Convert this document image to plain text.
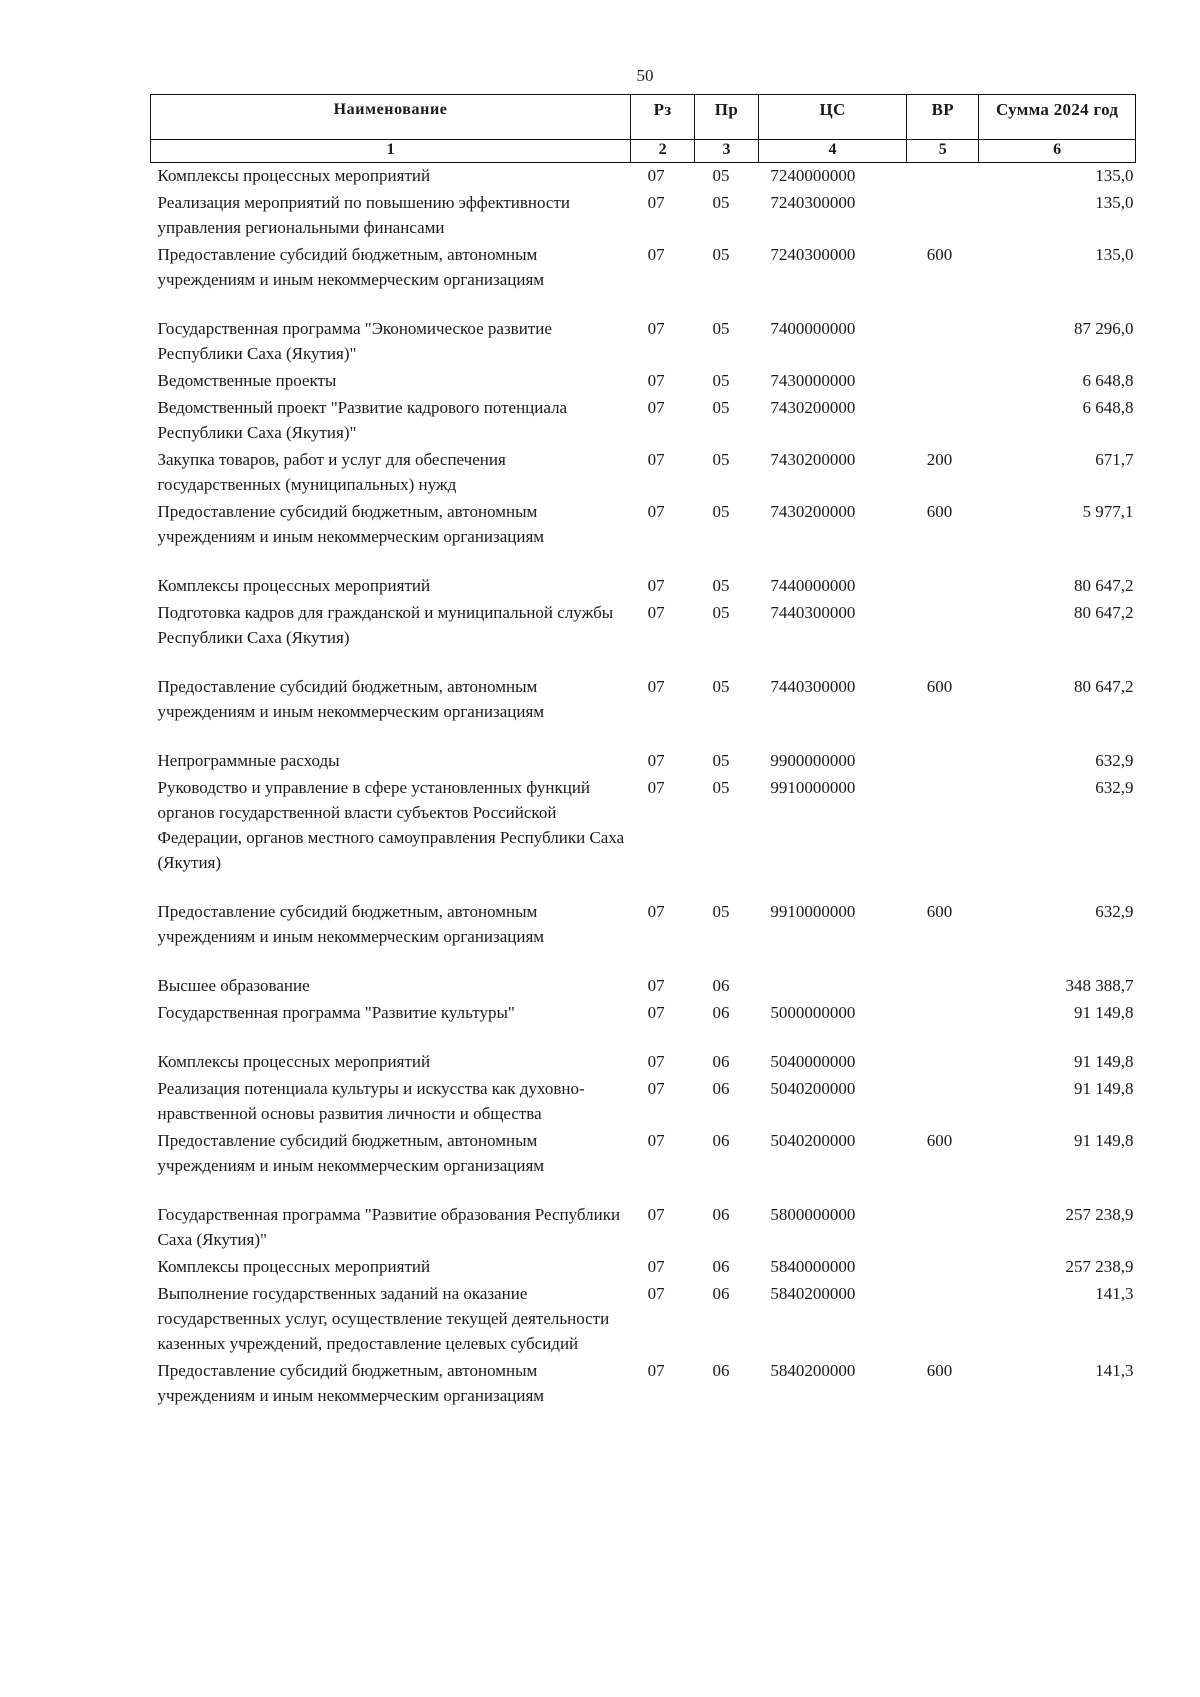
50
Наименование	Рз	Пр	ЦС	ВР	Сумма 2024 год
1	2	3	4	5	6
Комплексы процессных мероприятий	07	05	7240000000		135,0
Реализация мероприятий по повышению эффективности управления региональными финансами	07	05	7240300000		135,0
Предоставление субсидий бюджетным, автономным учреждениям и иным некоммерческим организациям	07	05	7240300000	600	135,0
Государственная программа "Экономическое развитие Республики Саха (Якутия)"	07	05	7400000000		87 296,0
Ведомственные проекты	07	05	7430000000		6 648,8
Ведомственный проект "Развитие кадрового потенциала Республики Саха (Якутия)"	07	05	7430200000		6 648,8
Закупка товаров, работ и услуг для обеспечения государственных (муниципальных) нужд	07	05	7430200000	200	671,7
Предоставление субсидий бюджетным, автономным учреждениям и иным некоммерческим организациям	07	05	7430200000	600	5 977,1
Комплексы процессных мероприятий	07	05	7440000000		80 647,2
Подготовка кадров для гражданской и муниципальной службы Республики Саха (Якутия)	07	05	7440300000		80 647,2
Предоставление субсидий бюджетным, автономным учреждениям и иным некоммерческим организациям	07	05	7440300000	600	80 647,2
Непрограммные расходы	07	05	9900000000		632,9
Руководство и управление в сфере установленных функций органов государственной власти субъектов Российской Федерации, органов местного самоуправления Республики Саха (Якутия)	07	05	9910000000		632,9
Предоставление субсидий бюджетным, автономным учреждениям и иным некоммерческим организациям	07	05	9910000000	600	632,9
Высшее образование	07	06			348 388,7
Государственная программа "Развитие культуры"	07	06	5000000000		91 149,8
Комплексы процессных мероприятий	07	06	5040000000		91 149,8
Реализация потенциала культуры и искусства как духовно-нравственной основы развития личности и общества	07	06	5040200000		91 149,8
Предоставление субсидий бюджетным, автономным учреждениям и иным некоммерческим организациям	07	06	5040200000	600	91 149,8
Государственная программа "Развитие образования Республики Саха (Якутия)"	07	06	5800000000		257 238,9
Комплексы процессных мероприятий	07	06	5840000000		257 238,9
Выполнение государственных заданий на оказание государственных услуг, осуществление текущей деятельности казенных учреждений, предоставление целевых субсидий	07	06	5840200000		141,3
Предоставление субсидий бюджетным, автономным учреждениям и иным некоммерческим организациям	07	06	5840200000	600	141,3
